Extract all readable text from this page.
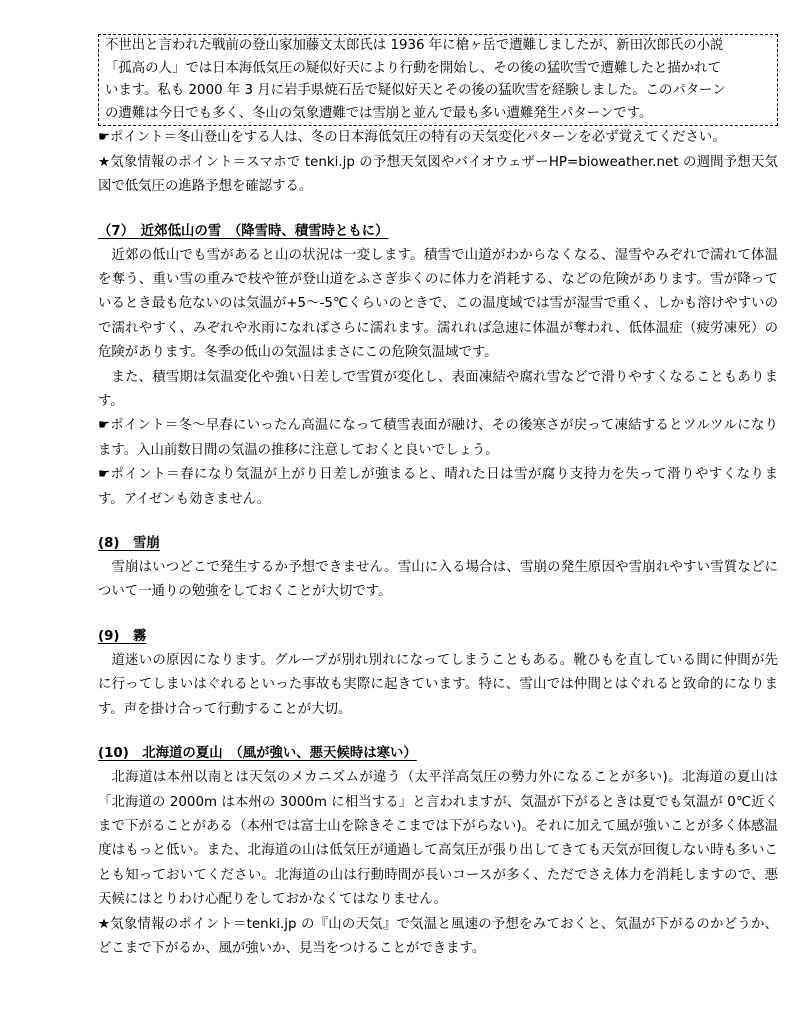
不世出と言われた戦前の登山家加藤文太郎氏は 1936 年に槍ヶ岳で遭難しましたが、新田次郎氏の小説

「孤高の人」では日本海低気圧の疑似好天により行動を開始し、その後の猛吹雪で遭難したと描かれて

います。私も 2000 年 3 月に岩手県焼石岳で疑似好天とその後の猛吹雪を経験しました。このパターン

の遭難は今日でも多く、冬山の気象遭難では雪崩と並んで最も多い遭難発生パターンです。

☛ポイント＝冬山登山をする人は、冬の日本海低気圧の特有の天気変化パターンを必ず覚えてください。

★気象情報のポイント＝スマホで tenki.jp の予想天気図やバイオウェザーHP=bioweather.net の週間予想天気図で低気圧の進路予想を確認する。

（7）　近郊低山の雪　（降雪時、積雪時ともに）

近郊の低山でも雪があると山の状況は一変します。積雪で山道がわからなくなる、湿雪やみぞれで濡れて体温を奪う、重い雪の重みで枝や笹が登山道をふさぎ歩くのに体力を消耗する、などの危険があります。雪が降っているとき最も危ないのは気温が+5〜-5℃くらいのときで、この温度域では雪が湿雪で重く、しかも溶けやすいので濡れやすく、みぞれや氷雨になればさらに濡れます。濡れれば急速に体温が奪われ、低体温症（疲労凍死）の危険があります。冬季の低山の気温はまさにこの危険気温域です。

また、積雪期は気温変化や強い日差しで雪質が変化し、表面凍結や腐れ雪などで滑りやすくなることもあります。

☛ポイント＝冬〜早春にいったん高温になって積雪表面が融け、その後寒さが戻って凍結するとツルツルになります。入山前数日間の気温の推移に注意しておくと良いでしょう。

☛ポイント＝春になり気温が上がり日差しが強まると、晴れた日は雪が腐り支持力を失って滑りやすくなります。アイゼンも効きません。

(8)　雪崩

雪崩はいつどこで発生するか予想できません。雪山に入る場合は、雪崩の発生原因や雪崩れやすい雪質などについて一通りの勉強をしておくことが大切です。

(9)　霧

道迷いの原因になります。グループが別れ別れになってしまうこともある。靴ひもを直している間に仲間が先に行ってしまいはぐれるといった事故も実際に起きています。特に、雪山では仲間とはぐれると致命的になります。声を掛け合って行動することが大切。

(10)　北海道の夏山　（風が強い、悪天候時は寒い）

北海道は本州以南とは天気のメカニズムが違う（太平洋高気圧の勢力外になることが多い)。北海道の夏山は「北海道の 2000m は本州の 3000m に相当する」と言われますが、気温が下がるときは夏でも気温が 0℃近くまで下がることがある（本州では富士山を除きそこまでは下がらない)。それに加えて風が強いことが多く体感温度はもっと低い。また、北海道の山は低気圧が通過して高気圧が張り出してきても天気が回復しない時も多いことも知っておいてください。北海道の山は行動時間が長いコースが多く、ただでさえ体力を消耗しますので、悪天候にはとりわけ心配りをしておかなくてはなりません。

★気象情報のポイント＝tenki.jp の『山の天気』で気温と風速の予想をみておくと、気温が下がるのかどうか、どこまで下がるか、風が強いか、見当をつけることができます。
